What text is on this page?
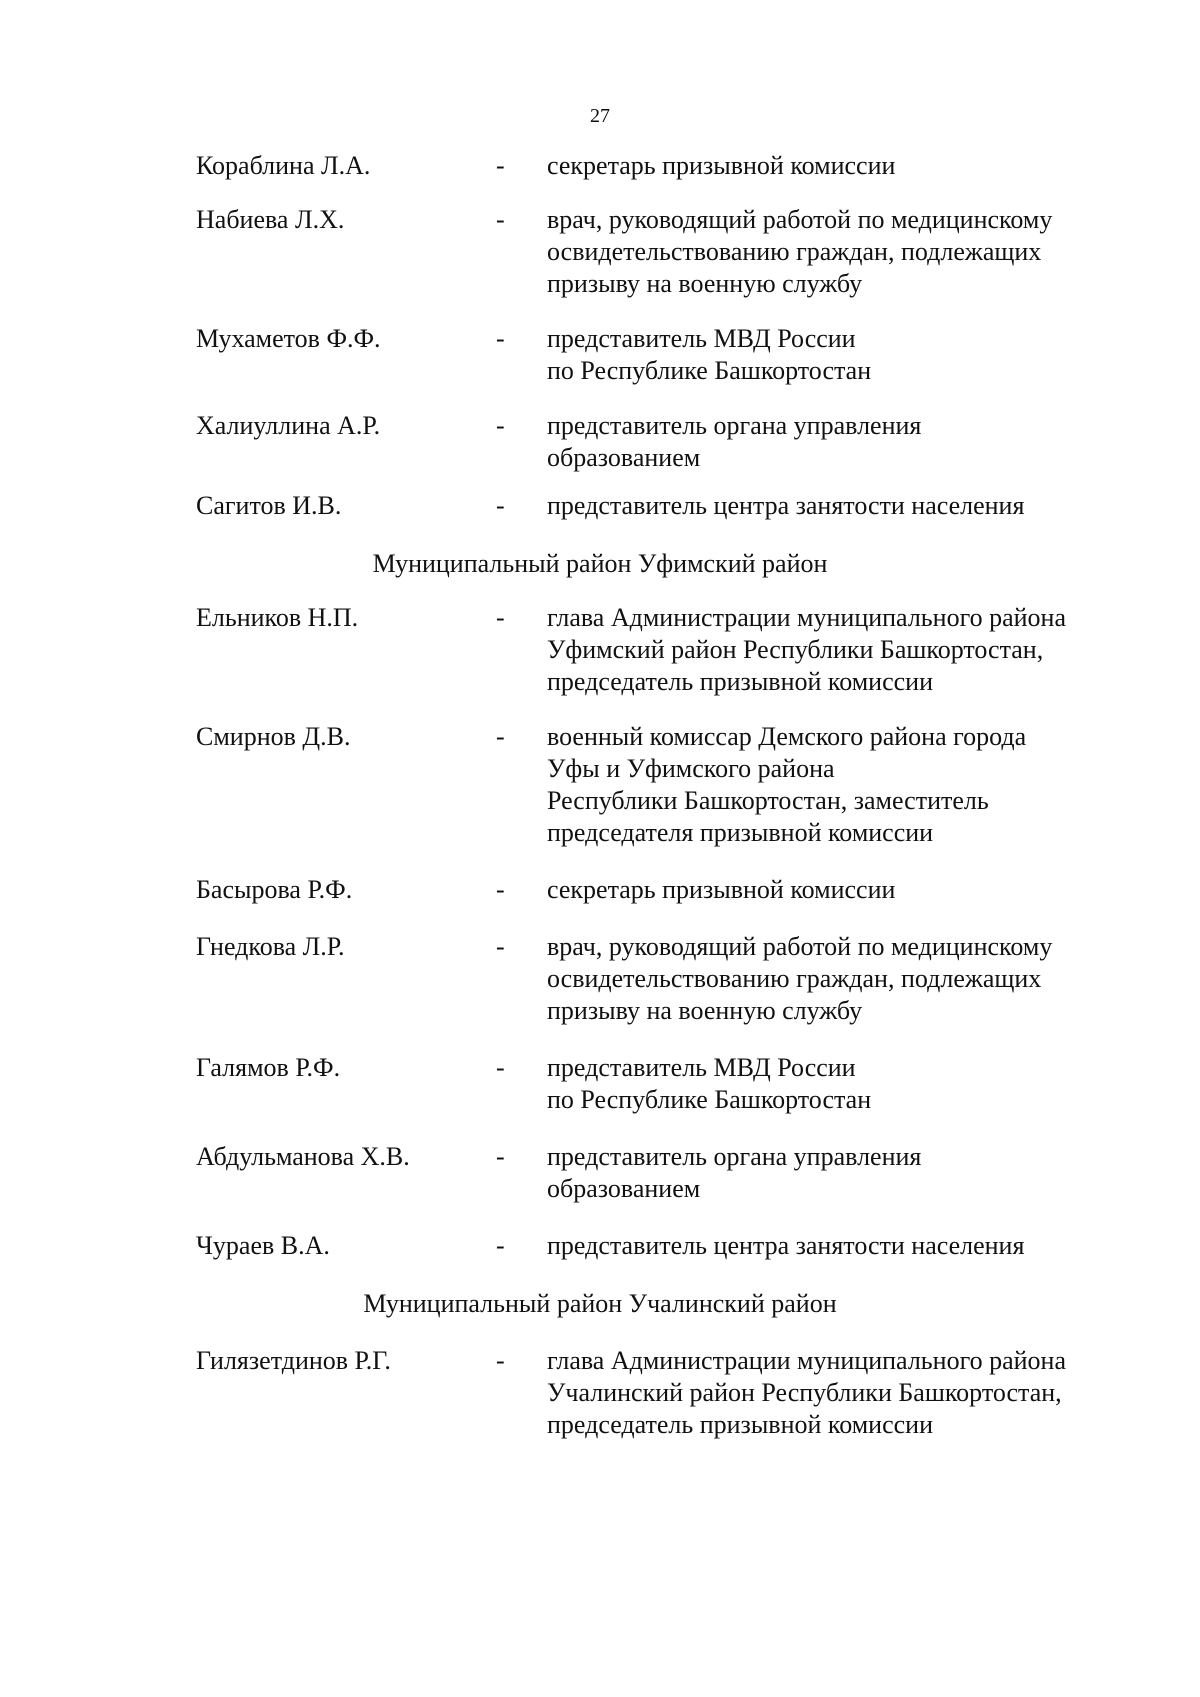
27
Кораблина Л.А.	-	секретарь призывной комиссии
Набиева Л.Х.	-	врач, руководящий работой по медицинскому
освидетельствованию граждан, подлежащих
призыву на военную службу
Мухаметов Ф.Ф.	-	представитель МВД России
по Республике Башкортостан
Халиуллина А.Р.	-	представитель органа управления
образованием
Сагитов И.В.	-	представитель центра занятости населения
Муниципальный район Уфимский район
Ельников Н.П.	-	глава Администрации муниципального района
Уфимский район Республики Башкортостан,
председатель призывной комиссии
Смирнов Д.В.	-	военный комиссар Демского района города
Уфы и Уфимского района
Республики Башкортостан, заместитель
председателя призывной комиссии
Басырова Р.Ф.	-	секретарь призывной комиссии
Гнедкова Л.Р.	-	врач, руководящий работой по медицинскому
освидетельствованию граждан, подлежащих
призыву на военную службу
Галямов Р.Ф.	-	представитель МВД России
по Республике Башкортостан
Абдульманова Х.В.	-	представитель органа управления
образованием
Чураев В.А.	-	представитель центра занятости населения
Муниципальный район Учалинский район
Гилязетдинов Р.Г.	-	глава Администрации муниципального района
Учалинский район Республики Башкортостан,
председатель призывной комиссии
